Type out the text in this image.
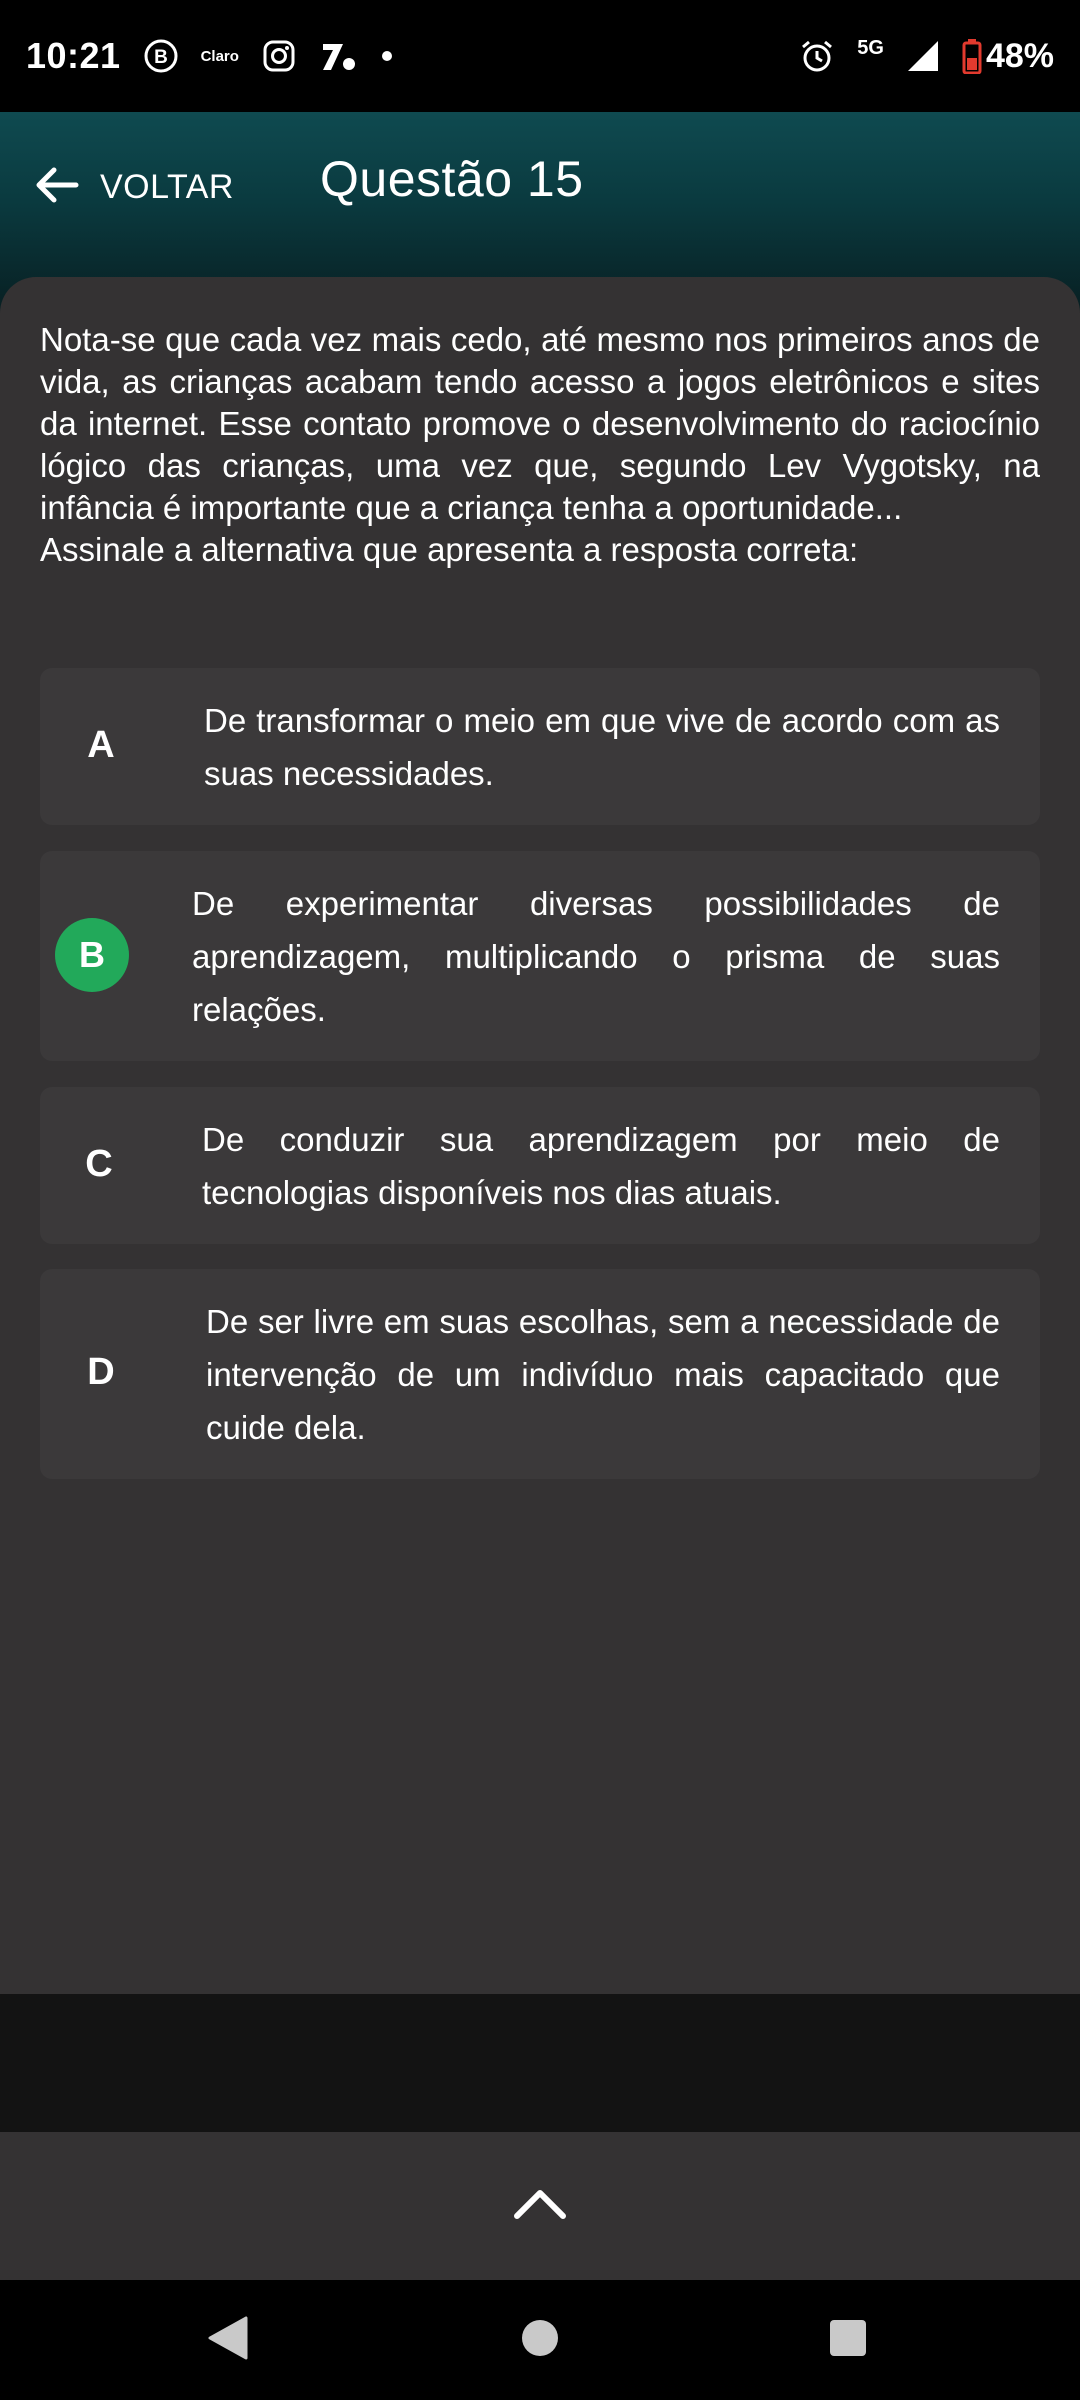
10:21 B Claro	5G	48%
VOLTAR Questão 15
Nota-se que cada vez mais cedo, até mesmo nos primeiros anos de vida, as crianças acabam tendo acesso a jogos eletrônicos e sites da internet. Esse contato promove o desenvolvimento do raciocínio lógico das crianças, uma vez que, segundo Lev Vygotsky, na infância é importante que a criança tenha a oportunidade...
Assinale a alternativa que apresenta a resposta correta:
A
De transformar o meio em que vive de acordo com as suas necessidades.
B
De experimentar diversas possibilidades de aprendizagem, multiplicando o prisma de suas relações.
C
De conduzir sua aprendizagem por meio de tecnologias disponíveis nos dias atuais.
D
De ser livre em suas escolhas, sem a necessidade de intervenção de um indivíduo mais capacitado que cuide dela.
